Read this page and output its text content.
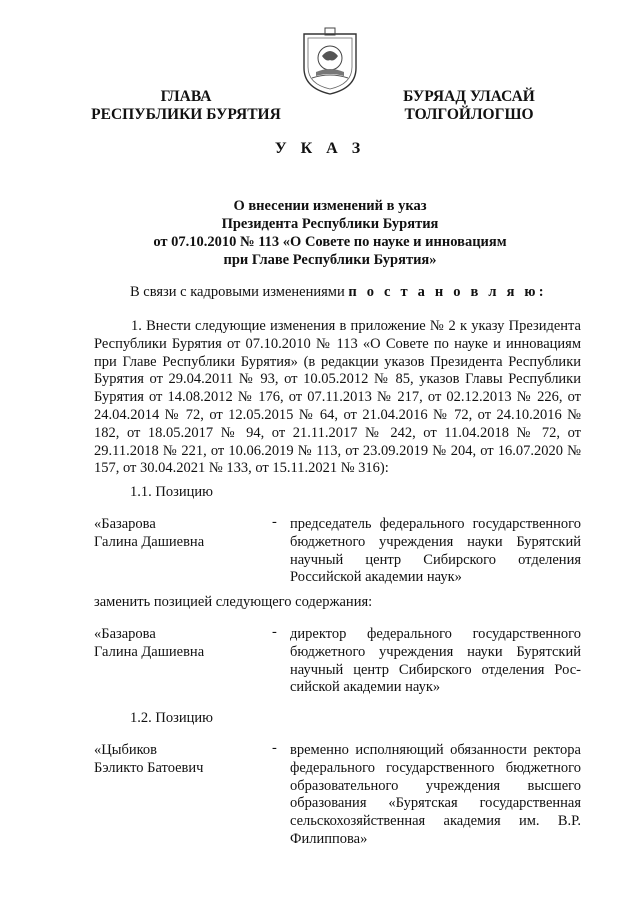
ГЛАВА
РЕСПУБЛИКИ БУРЯТИЯ
БУРЯАД УЛАСАЙ
ТОЛГОЙЛОГШО
У К А З
О внесении изменений в указ
Президента Республики Бурятия
от 07.10.2010 № 113 «О Совете по науке и инновациям
при Главе Республики Бурятия»
В связи с кадровыми изменениями п о с т а н о в л я ю:
1. Внести следующие изменения в приложение № 2 к указу Президента Республики Бурятия от 07.10.2010 № 113 «О Совете по науке и инновациям при Главе Республики Бурятия» (в редакции указов Президента Республики Бурятия от 29.04.2011 № 93, от 10.05.2012 № 85, указов Главы Республики Бурятия от 14.08.2012 № 176, от 07.11.2013 № 217, от 02.12.2013 № 226, от 24.04.2014 № 72, от 12.05.2015 № 64, от 21.04.2016 № 72, от 24.10.2016 № 182, от 18.05.2017 № 94, от 21.11.2017 № 242, от 11.04.2018 № 72, от 29.11.2018 № 221, от 10.06.2019 № 113, от 23.09.2019 № 204, от 16.07.2020 № 157, от 30.04.2021 № 133, от 15.11.2021 № 316):
1.1. Позицию
«Базарова
Галина Дашиевна
- председатель федерального государственного бюджетного учреждения науки Бурятский научный центр Сибирского отделения Российской академии наук»
заменить позицией следующего содержания:
«Базарова
Галина Дашиевна
- директор федерального государственного бюджетного учреждения науки Бурятский научный центр Сибирского отделения Российской академии наук»
1.2. Позицию
«Цыбиков
Бэликто Батоевич
- временно исполняющий обязанности ректора федерального государственного бюджетного образовательного учреждения высшего образования «Бурятская государственная сельскохозяйственная академия им. В.Р. Филиппова»
